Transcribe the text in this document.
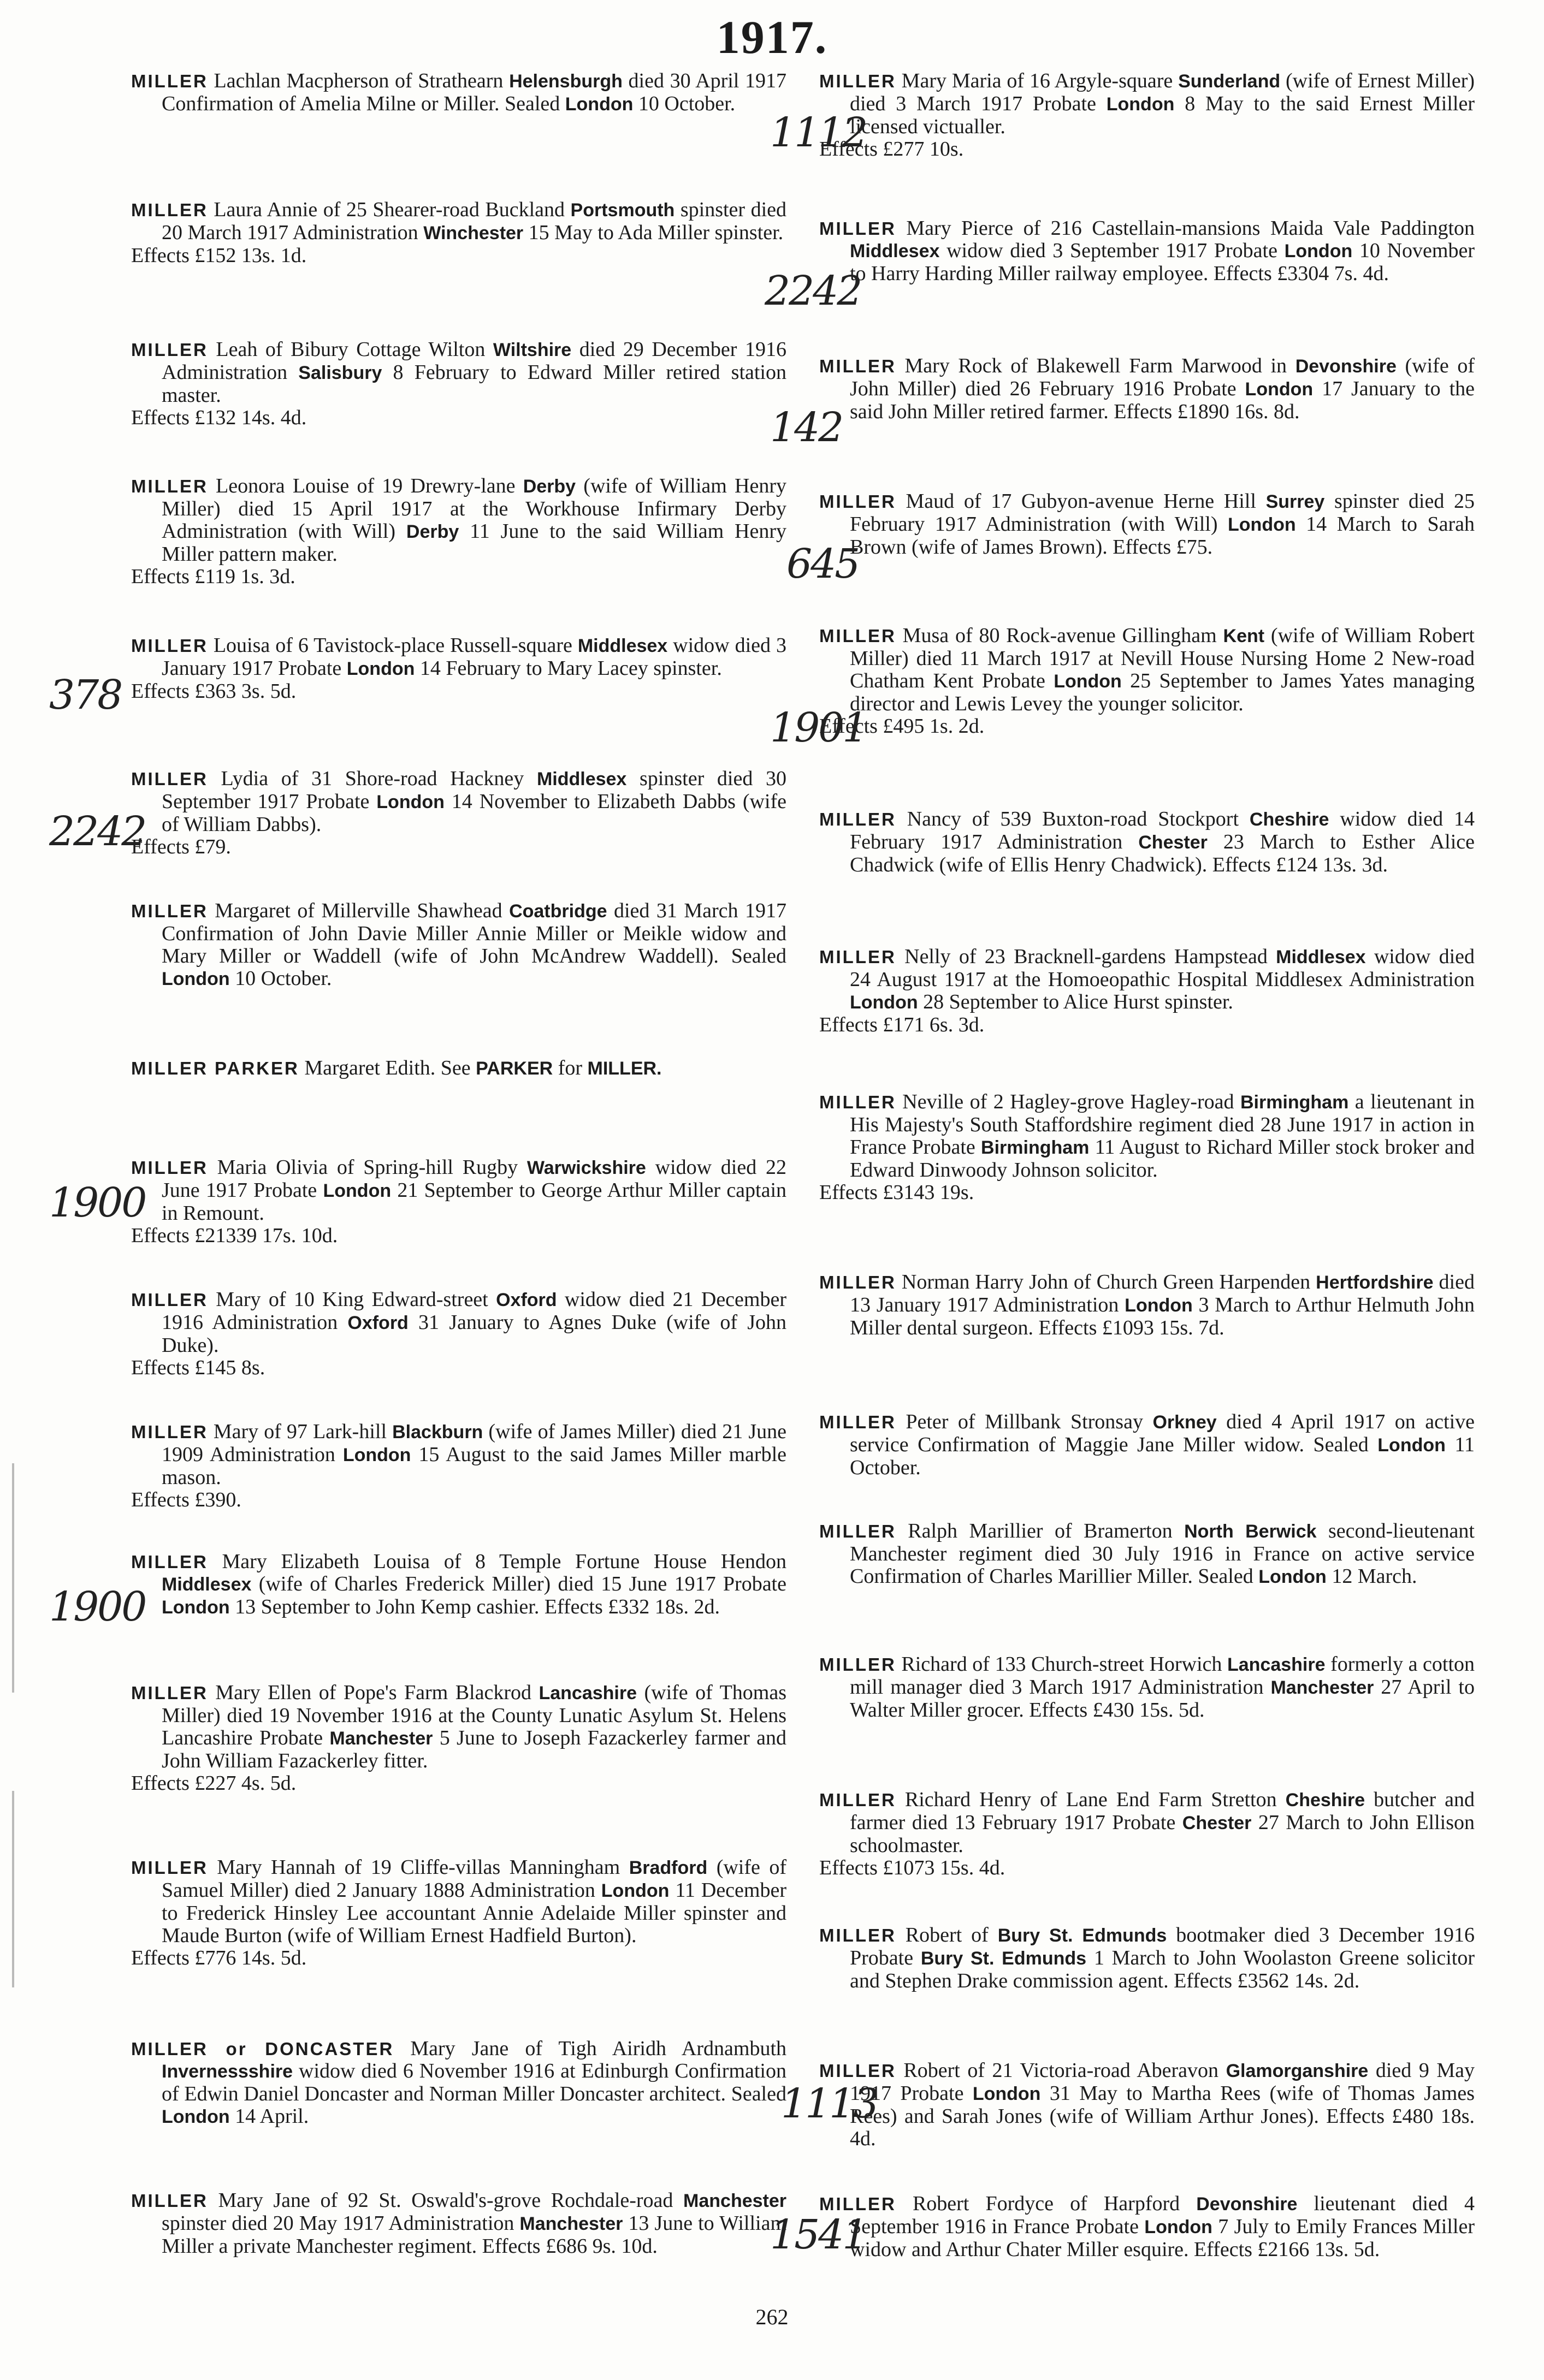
1917.

MILLER Lachlan Macpherson of Strathearn Helensburgh died 30 April 1917 Confirmation of Amelia Milne or Miller. Sealed London 10 October.

MILLER Laura Annie of 25 Shearer-road Buckland Portsmouth spinster died 20 March 1917 Administration Winchester 15 May to Ada Miller spinster.

Effects £152 13s. 1d.

MILLER Leah of Bibury Cottage Wilton Wiltshire died 29 December 1916 Administration Salisbury 8 February to Edward Miller retired station master.

Effects £132 14s. 4d.

MILLER Leonora Louise of 19 Drewry-lane Derby (wife of William Henry Miller) died 15 April 1917 at the Workhouse Infirmary Derby Administration (with Will) Derby 11 June to the said William Henry Miller pattern maker.

Effects £119 1s. 3d.

MILLER Louisa of 6 Tavistock-place Russell-square Middlesex widow died 3 January 1917 Probate London 14 February to Mary Lacey spinster.

Effects £363 3s. 5d.

MILLER Lydia of 31 Shore-road Hackney Middlesex spinster died 30 September 1917 Probate London 14 November to Elizabeth Dabbs (wife of William Dabbs).

Effects £79.

MILLER Margaret of Millerville Shawhead Coatbridge died 31 March 1917 Confirmation of John Davie Miller Annie Miller or Meikle widow and Mary Miller or Waddell (wife of John McAndrew Waddell). Sealed London 10 October.

MILLER PARKER Margaret Edith. See PARKER for MILLER.

MILLER Maria Olivia of Spring-hill Rugby Warwickshire widow died 22 June 1917 Probate London 21 September to George Arthur Miller captain in Remount.

Effects £21339 17s. 10d.

MILLER Mary of 10 King Edward-street Oxford widow died 21 December 1916 Administration Oxford 31 January to Agnes Duke (wife of John Duke).

Effects £145 8s.

MILLER Mary of 97 Lark-hill Blackburn (wife of James Miller) died 21 June 1909 Administration London 15 August to the said James Miller marble mason.

Effects £390.

MILLER Mary Elizabeth Louisa of 8 Temple Fortune House Hendon Middlesex (wife of Charles Frederick Miller) died 15 June 1917 Probate London 13 September to John Kemp cashier. Effects £332 18s. 2d.

MILLER Mary Ellen of Pope's Farm Blackrod Lancashire (wife of Thomas Miller) died 19 November 1916 at the County Lunatic Asylum St. Helens Lancashire Probate Manchester 5 June to Joseph Fazackerley farmer and John William Fazackerley fitter.

Effects £227 4s. 5d.

MILLER Mary Hannah of 19 Cliffe-villas Manningham Bradford (wife of Samuel Miller) died 2 January 1888 Administration London 11 December to Frederick Hinsley Lee accountant Annie Adelaide Miller spinster and Maude Burton (wife of William Ernest Hadfield Burton).

Effects £776 14s. 5d.

MILLER or DONCASTER Mary Jane of Tigh Airidh Ardnambuth Invernessshire widow died 6 November 1916 at Edinburgh Confirmation of Edwin Daniel Doncaster and Norman Miller Doncaster architect. Sealed London 14 April.

MILLER Mary Jane of 92 St. Oswald's-grove Rochdale-road Manchester spinster died 20 May 1917 Administration Manchester 13 June to William Miller a private Manchester regiment. Effects £686 9s. 10d.

MILLER Mary Maria of 16 Argyle-square Sunderland (wife of Ernest Miller) died 3 March 1917 Probate London 8 May to the said Ernest Miller licensed victualler.

Effects £277 10s.

MILLER Mary Pierce of 216 Castellain-mansions Maida Vale Paddington Middlesex widow died 3 September 1917 Probate London 10 November to Harry Harding Miller railway employee. Effects £3304 7s. 4d.

MILLER Mary Rock of Blakewell Farm Marwood in Devonshire (wife of John Miller) died 26 February 1916 Probate London 17 January to the said John Miller retired farmer. Effects £1890 16s. 8d.

MILLER Maud of 17 Gubyon-avenue Herne Hill Surrey spinster died 25 February 1917 Administration (with Will) London 14 March to Sarah Brown (wife of James Brown). Effects £75.

MILLER Musa of 80 Rock-avenue Gillingham Kent (wife of William Robert Miller) died 11 March 1917 at Nevill House Nursing Home 2 New-road Chatham Kent Probate London 25 September to James Yates managing director and Lewis Levey the younger solicitor.

Effects £495 1s. 2d.

MILLER Nancy of 539 Buxton-road Stockport Cheshire widow died 14 February 1917 Administration Chester 23 March to Esther Alice Chadwick (wife of Ellis Henry Chadwick). Effects £124 13s. 3d.

MILLER Nelly of 23 Bracknell-gardens Hampstead Middlesex widow died 24 August 1917 at the Homoeopathic Hospital Middlesex Administration London 28 September to Alice Hurst spinster.

Effects £171 6s. 3d.

MILLER Neville of 2 Hagley-grove Hagley-road Birmingham a lieutenant in His Majesty's South Staffordshire regiment died 28 June 1917 in action in France Probate Birmingham 11 August to Richard Miller stock broker and Edward Dinwoody Johnson solicitor.

Effects £3143 19s.

MILLER Norman Harry John of Church Green Harpenden Hertfordshire died 13 January 1917 Administration London 3 March to Arthur Helmuth John Miller dental surgeon. Effects £1093 15s. 7d.

MILLER Peter of Millbank Stronsay Orkney died 4 April 1917 on active service Confirmation of Maggie Jane Miller widow. Sealed London 11 October.

MILLER Ralph Marillier of Bramerton North Berwick second-lieutenant Manchester regiment died 30 July 1916 in France on active service Confirmation of Charles Marillier Miller. Sealed London 12 March.

MILLER Richard of 133 Church-street Horwich Lancashire formerly a cotton mill manager died 3 March 1917 Administration Manchester 27 April to Walter Miller grocer. Effects £430 15s. 5d.

MILLER Richard Henry of Lane End Farm Stretton Cheshire butcher and farmer died 13 February 1917 Probate Chester 27 March to John Ellison schoolmaster.

Effects £1073 15s. 4d.

MILLER Robert of Bury St. Edmunds bootmaker died 3 December 1916 Probate Bury St. Edmunds 1 March to John Woolaston Greene solicitor and Stephen Drake commission agent. Effects £3562 14s. 2d.

MILLER Robert of 21 Victoria-road Aberavon Glamorganshire died 9 May 1917 Probate London 31 May to Martha Rees (wife of Thomas James Rees) and Sarah Jones (wife of William Arthur Jones). Effects £480 18s. 4d.

MILLER Robert Fordyce of Harpford Devonshire lieutenant died 4 September 1916 in France Probate London 7 July to Emily Frances Miller widow and Arthur Chater Miller esquire. Effects £2166 13s. 5d.

1112
2242
142
645
378
1901
2242
1900
1900
1113
1541
262
